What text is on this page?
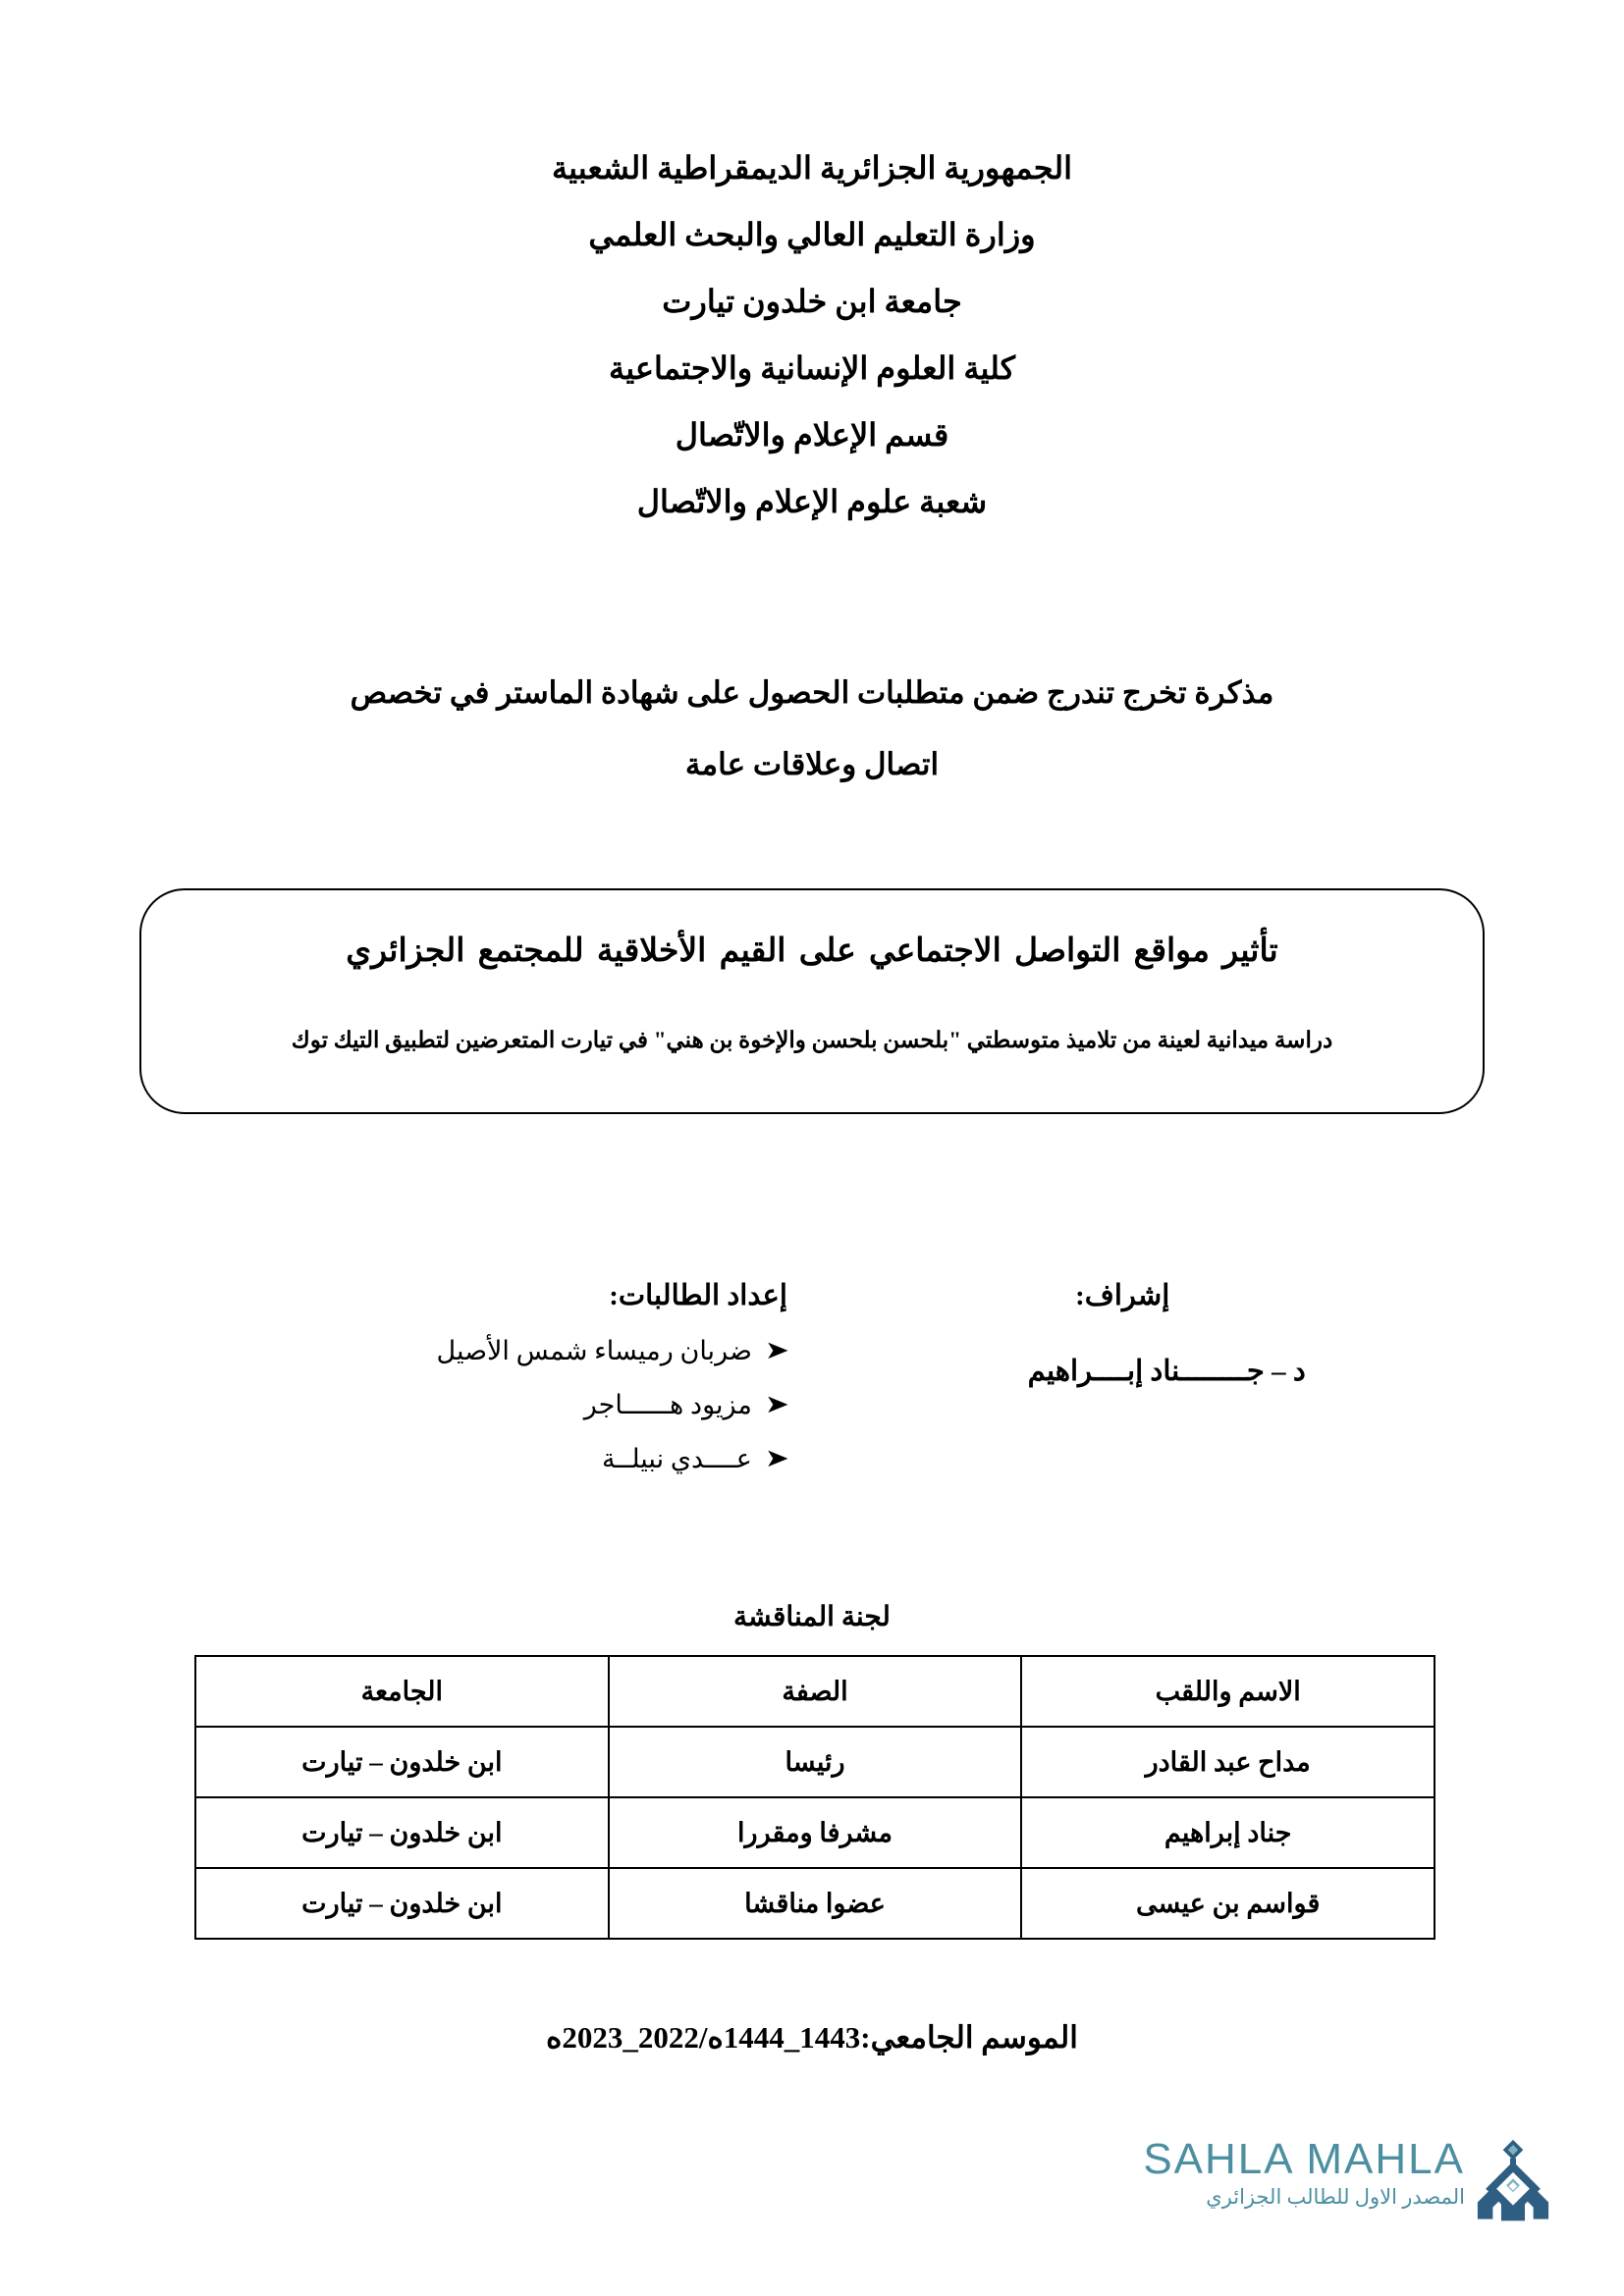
الجمهورية الجزائرية الديمقراطية الشعبية

وزارة التعليم العالي والبحث العلمي

جامعة ابن خلدون تيارت

كلية العلوم الإنسانية والاجتماعية

قسم الإعلام والاتّصال

شعبة علوم الإعلام والاتّصال

مذكرة تخرج تندرج ضمن متطلبات الحصول على شهادة الماستر في تخصص

اتصال وعلاقات عامة

تأثير مواقع التواصل الاجتماعي على القيم الأخلاقية للمجتمع الجزائري

دراسة ميدانية لعينة من تلاميذ متوسطتي "بلحسن بلحسن والإخوة بن هني" في تيارت المتعرضين لتطبيق التيك توك

إشراف:

د – جــــــــناد إبــــراهيم

إعداد الطالبات:

➤
ضربان رميساء شمس الأصيل
➤
مزيود هــــــاجر
➤
عــــدي نبيلــة
لجنة المناقشة
الاسم واللقب	الصفة	الجامعة
مداح عبد القادر	رئيسا	ابن خلدون – تيارت
جناد إبراهيم	مشرفا ومقررا	ابن خلدون – تيارت
قواسم بن عيسى	عضوا مناقشا	ابن خلدون – تيارت
الموسم الجامعي:1443_1444ه/2022_2023ه
SAHLA MAHLA
المصدر الاول للطالب الجزائري
